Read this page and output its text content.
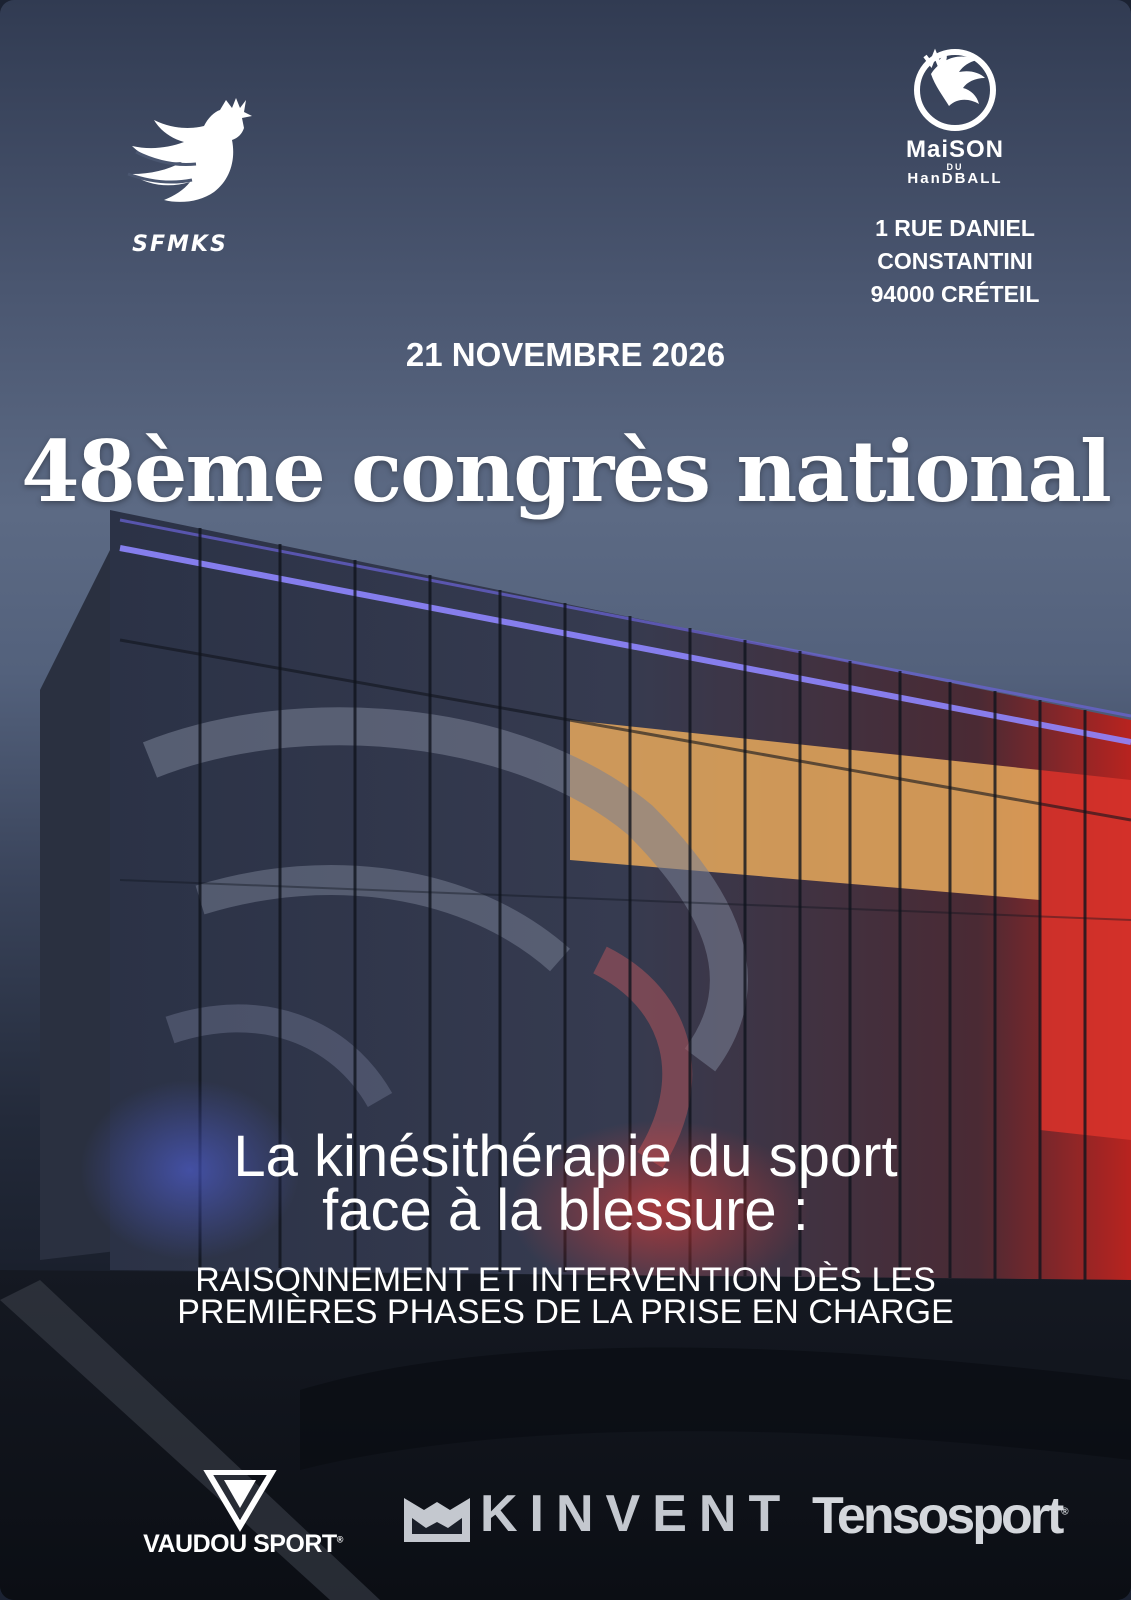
SFMKS
MaiSON
DU
HanDBALL
1 RUE DANIEL
CONSTANTINI
94000 CRÉTEIL
21 NOVEMBRE 2026
48ème congrès national
La kinésithérapie du sport
face à la blessure :
RAISONNEMENT ET INTERVENTION DÈS LES
PREMIÈRES PHASES DE LA PRISE EN CHARGE
VAUDOU SPORT®	KINVENT Tensosport®
